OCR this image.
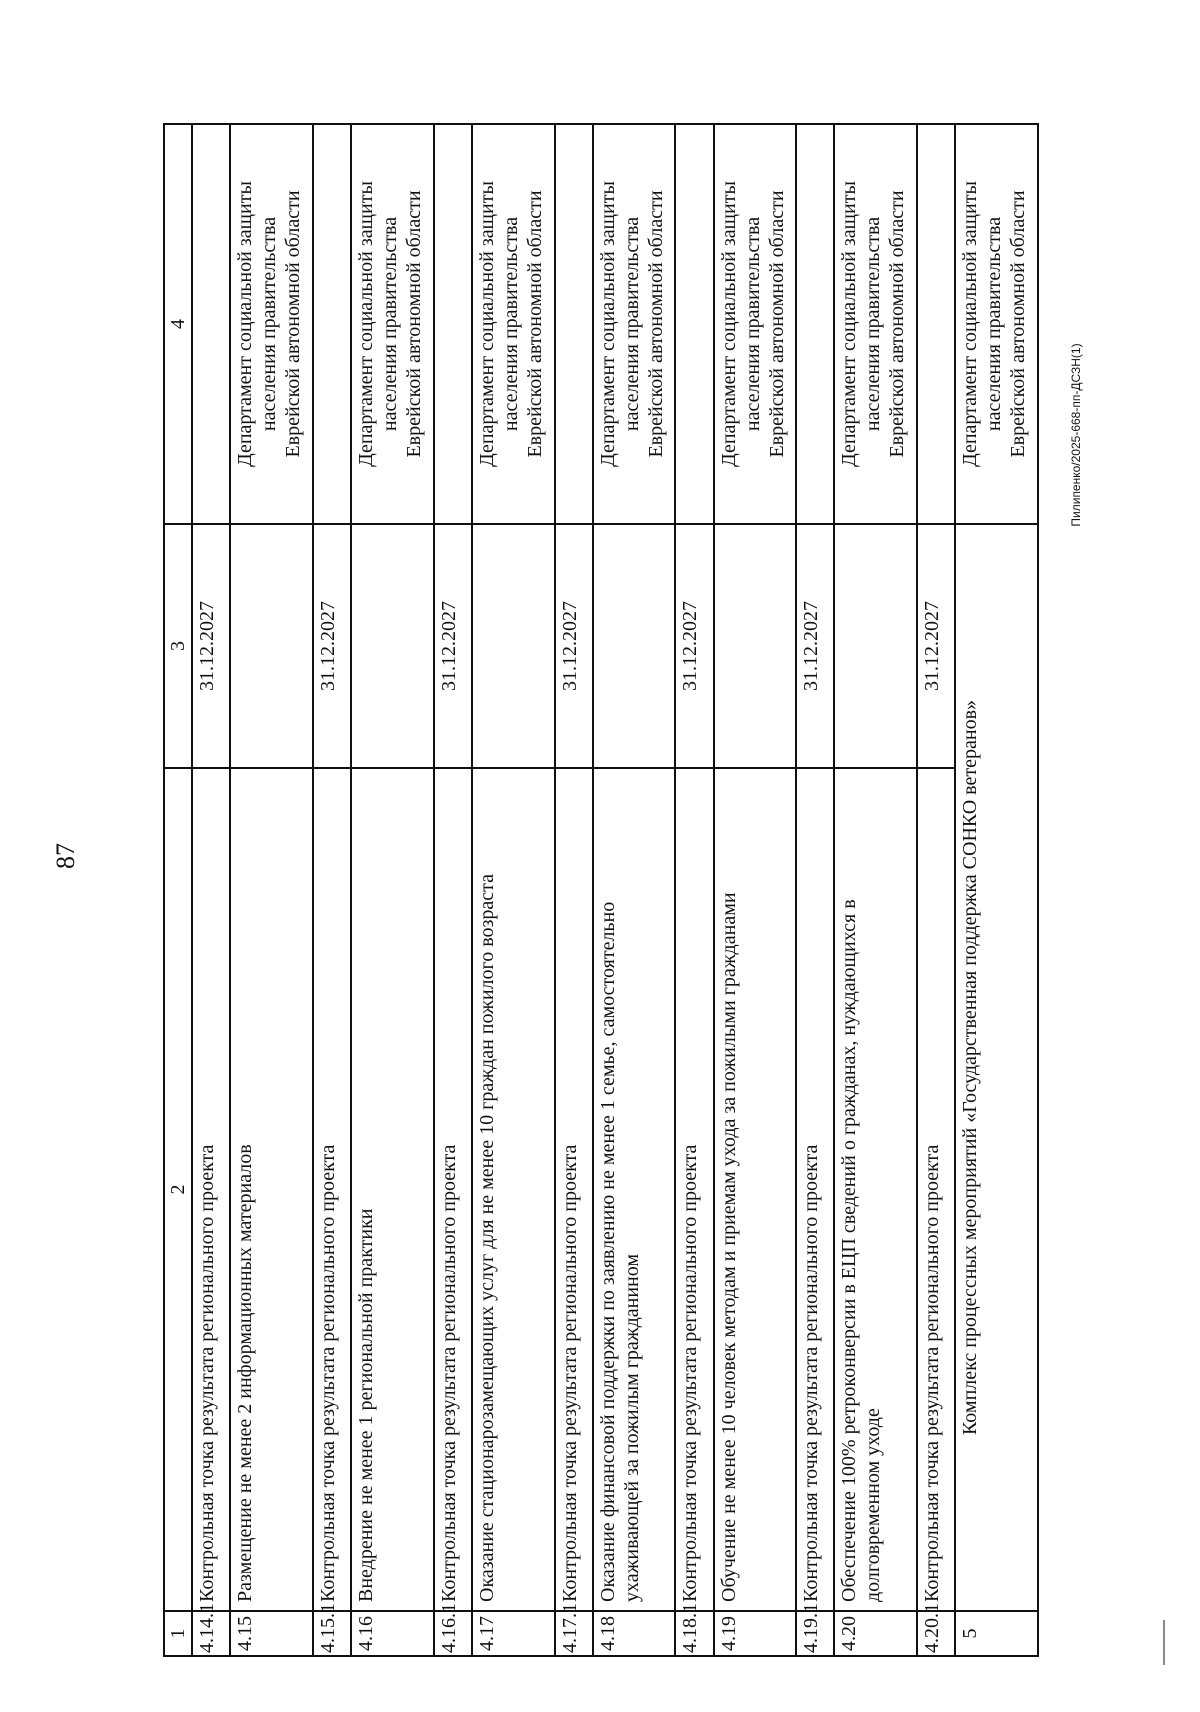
87
Пилипенко/2025-668-пп-ДСЗН(1)
1	2	3	4
4.14.1	Контрольная точка результата регионального проекта	31.12.2027	
4.15	Размещение не менее 2 информационных материалов		Департамент социальной защиты
населения правительства
Еврейской автономной области
4.15.1	Контрольная точка результата регионального проекта	31.12.2027	
4.16	Внедрение не менее 1 региональной практики		Департамент социальной защиты
населения правительства
Еврейской автономной области
4.16.1	Контрольная точка результата регионального проекта	31.12.2027	
4.17	Оказание стационарозамещающих услуг для не менее 10 граждан пожилого возраста		Департамент социальной защиты
населения правительства
Еврейской автономной области
4.17.1	Контрольная точка результата регионального проекта	31.12.2027	
4.18	Оказание финансовой поддержки по заявлению не менее 1 семье, самостоятельно ухаживающей за пожилым гражданином		Департамент социальной защиты
населения правительства
Еврейской автономной области
4.18.1	Контрольная точка результата регионального проекта	31.12.2027	
4.19	Обучение не менее 10 человек методам и приемам ухода за пожилыми гражданами		Департамент социальной защиты
населения правительства
Еврейской автономной области
4.19.1	Контрольная точка результата регионального проекта	31.12.2027	
4.20	Обеспечение 100% ретроконверсии в ЕЦП сведений о гражданах, нуждающихся в долговременном уходе		Департамент социальной защиты
населения правительства
Еврейской автономной области
4.20.1	Контрольная точка результата регионального проекта	31.12.2027	
5	Комплекс процессных мероприятий «Государственная поддержка СОНКО ветеранов»		Департамент социальной защиты
населения правительства
Еврейской автономной области
